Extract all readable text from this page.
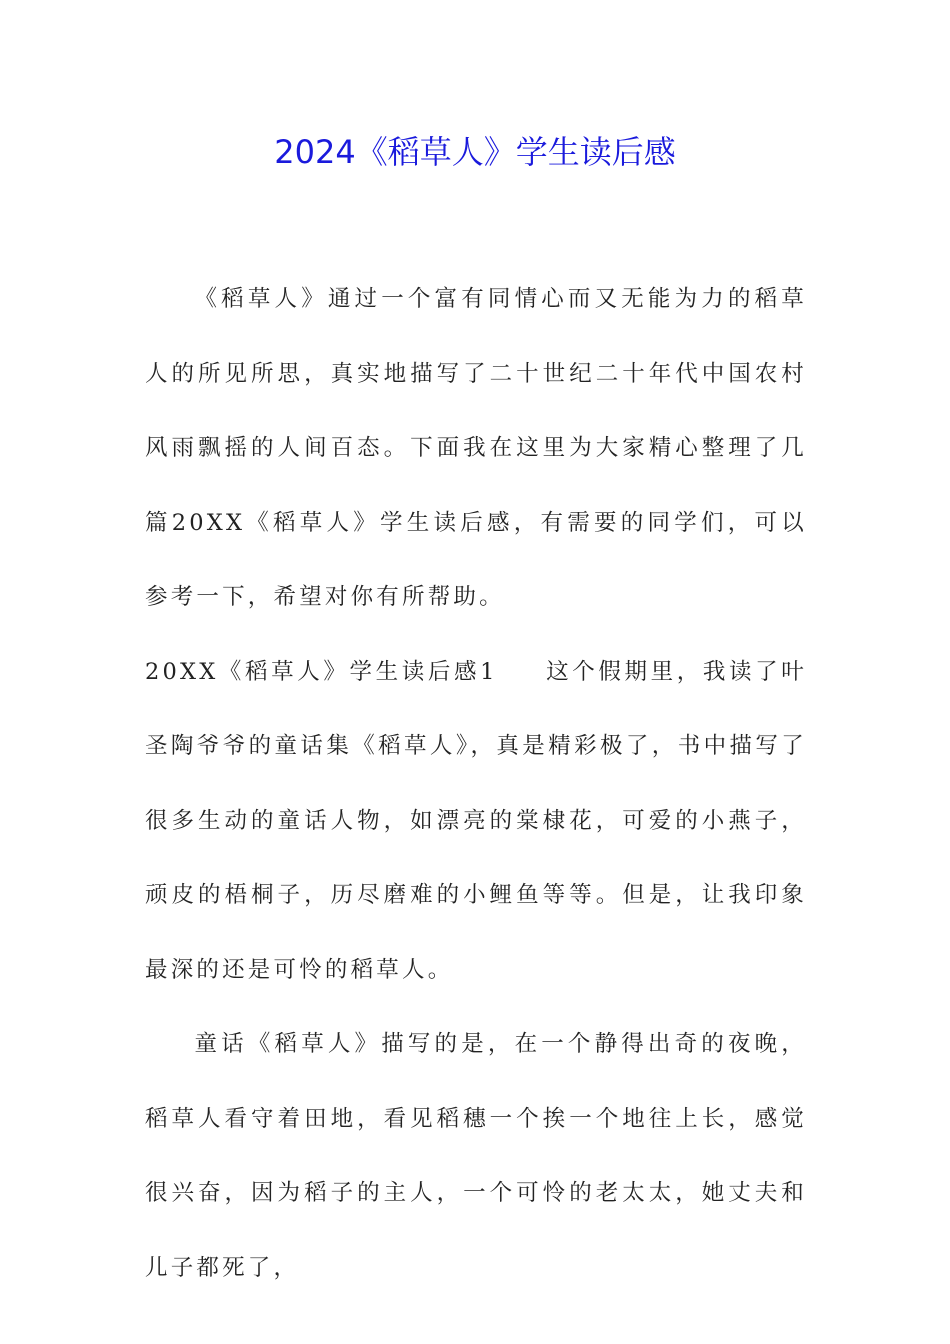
2024《稻草人》学生读后感

《稻草人》通过一个富有同情心而又无能为力的稻草人的所见所思，真实地描写了二十世纪二十年代中国农村风雨飘摇的人间百态。下面我在这里为大家精心整理了几篇20XX《稻草人》学生读后感，有需要的同学们，可以参考一下，希望对你有所帮助。

20XX《稻草人》学生读后感1 这个假期里，我读了叶圣陶爷爷的童话集《稻草人》，真是精彩极了，书中描写了很多生动的童话人物，如漂亮的棠棣花，可爱的小燕子，顽皮的梧桐子，历尽磨难的小鲤鱼等等。但是，让我印象最深的还是可怜的稻草人。

童话《稻草人》描写的是，在一个静得出奇的夜晚，稻草人看守着田地，看见稻穗一个挨一个地往上长，感觉很兴奋，因为稻子的主人，一个可怜的老太太，她丈夫和儿子都死了，
